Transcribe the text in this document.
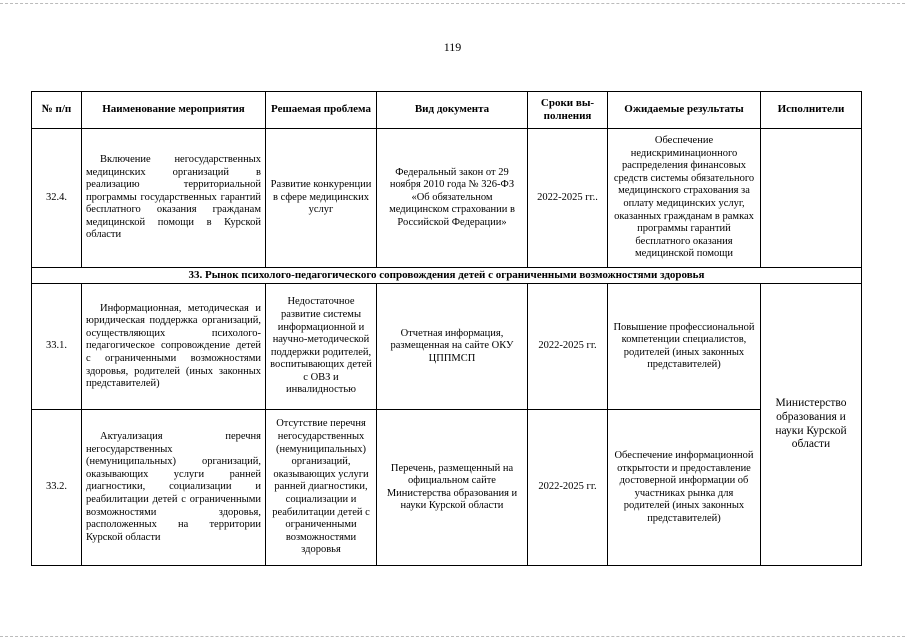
119
№ п/п	Наименование мероприятия	Решаемая проблема	Вид документа	Сроки вы-полнения	Ожидаемые результаты	Исполнители
32.4.	Включение негосударственных медицинских организаций в реализацию территориальной программы государственных гарантий бесплатного оказания гражданам медицинской помощи в Курской области	Развитие конкуренции в сфере медицинских услуг	Федеральный закон от 29 ноября 2010 года № 326-ФЗ «Об обязательном медицинском страховании в Российской Федерации»	2022-2025 гг..	Обеспечение недискриминационного распределения финансовых средств системы обязательного медицинского страхования за оплату медицинских услуг, оказанных гражданам в рамках программы гарантий бесплатного оказания медицинской помощи	
33. Рынок психолого-педагогического сопровождения детей с ограниченными возможностями здоровья						
33.1.	Информационная, методическая и юридическая поддержка организаций, осуществляющих психолого-педагогическое сопровождение детей с ограниченными возможностями здоровья, родителей (иных законных представителей)	Недостаточное развитие системы информационной и научно-методической поддержки родителей, воспитывающих детей с ОВЗ и инвалидностью	Отчетная информация, размещенная на сайте ОКУ ЦППМСП	2022-2025 гг.	Повышение профессиональной компетенции специалистов, родителей (иных законных представителей)	Министерство образования и науки Курской области
33.2.	Актуализация перечня негосударственных (немуниципальных) организаций, оказывающих услуги ранней диагностики, социализации и реабилитации детей с ограниченными возможностями здоровья, расположенных на территории Курской области	Отсутствие перечня негосударственных (немуниципальных) организаций, оказывающих услуги ранней диагностики, социализации и реабилитации детей с ограниченными возможностями здоровья	Перечень, размещенный на официальном сайте Министерства образования и науки Курской области	2022-2025 гг.	Обеспечение информационной открытости и предоставление достоверной информации об участниках рынка для родителей (иных законных представителей)	
